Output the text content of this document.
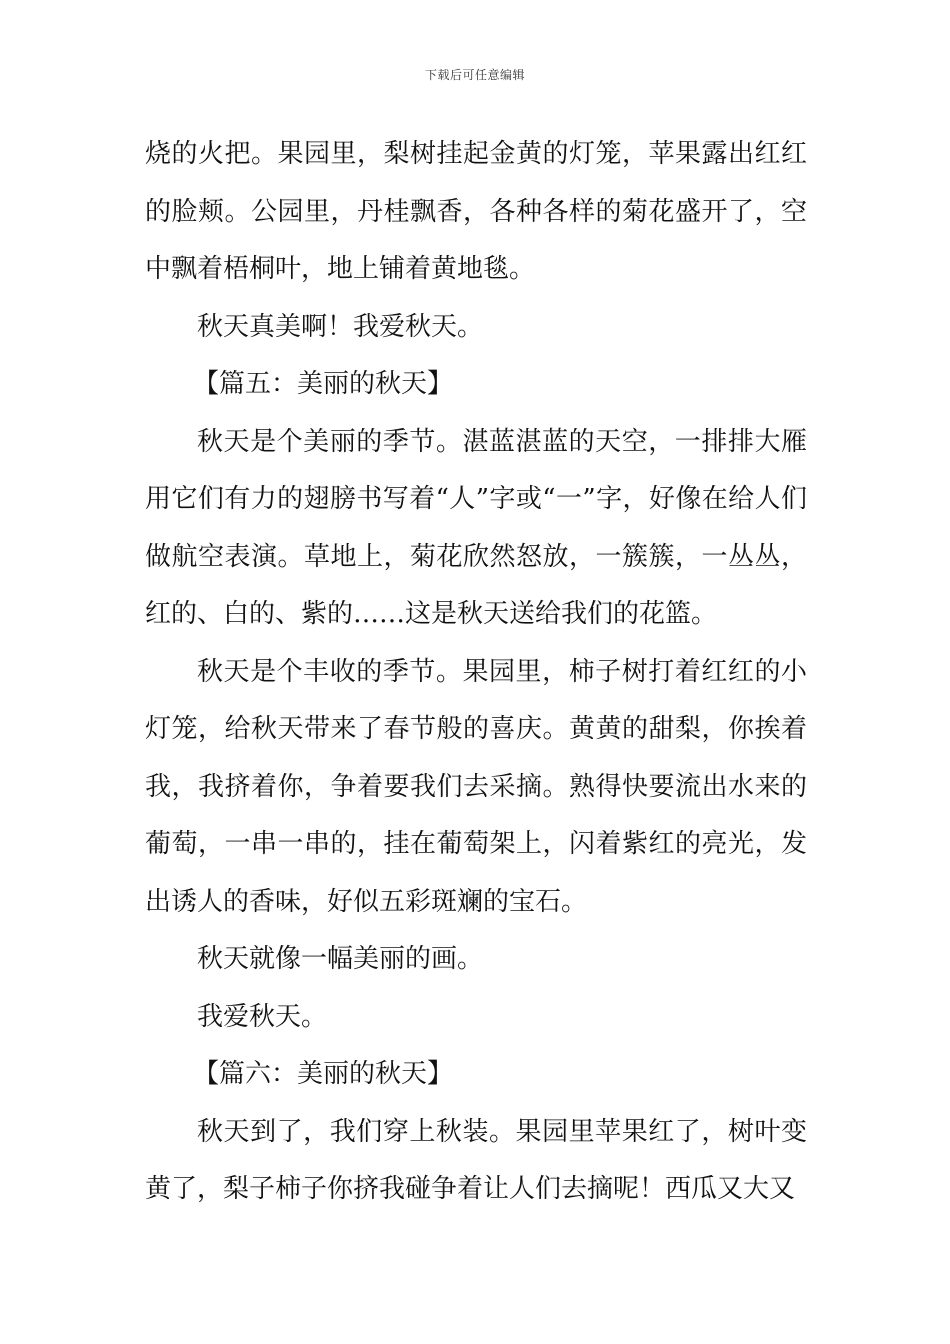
下载后可任意编辑

烧的火把。果园里，梨树挂起金黄的灯笼，苹果露出红红的脸颊。公园里，丹桂飘香，各种各样的菊花盛开了，空中飘着梧桐叶，地上铺着黄地毯。

秋天真美啊！我爱秋天。

【篇五：美丽的秋天】

秋天是个美丽的季节。湛蓝湛蓝的天空，一排排大雁用它们有力的翅膀书写着“人”字或“一”字，好像在给人们做航空表演。草地上，菊花欣然怒放，一簇簇，一丛丛，红的、白的、紫的……这是秋天送给我们的花篮。

秋天是个丰收的季节。果园里，柿子树打着红红的小灯笼，给秋天带来了春节般的喜庆。黄黄的甜梨，你挨着我，我挤着你，争着要我们去采摘。熟得快要流出水来的葡萄，一串一串的，挂在葡萄架上，闪着紫红的亮光，发出诱人的香味，好似五彩斑斓的宝石。

秋天就像一幅美丽的画。

我爱秋天。

【篇六：美丽的秋天】

秋天到了，我们穿上秋装。果园里苹果红了，树叶变黄了，梨子柿子你挤我碰争着让人们去摘呢！西瓜又大又
